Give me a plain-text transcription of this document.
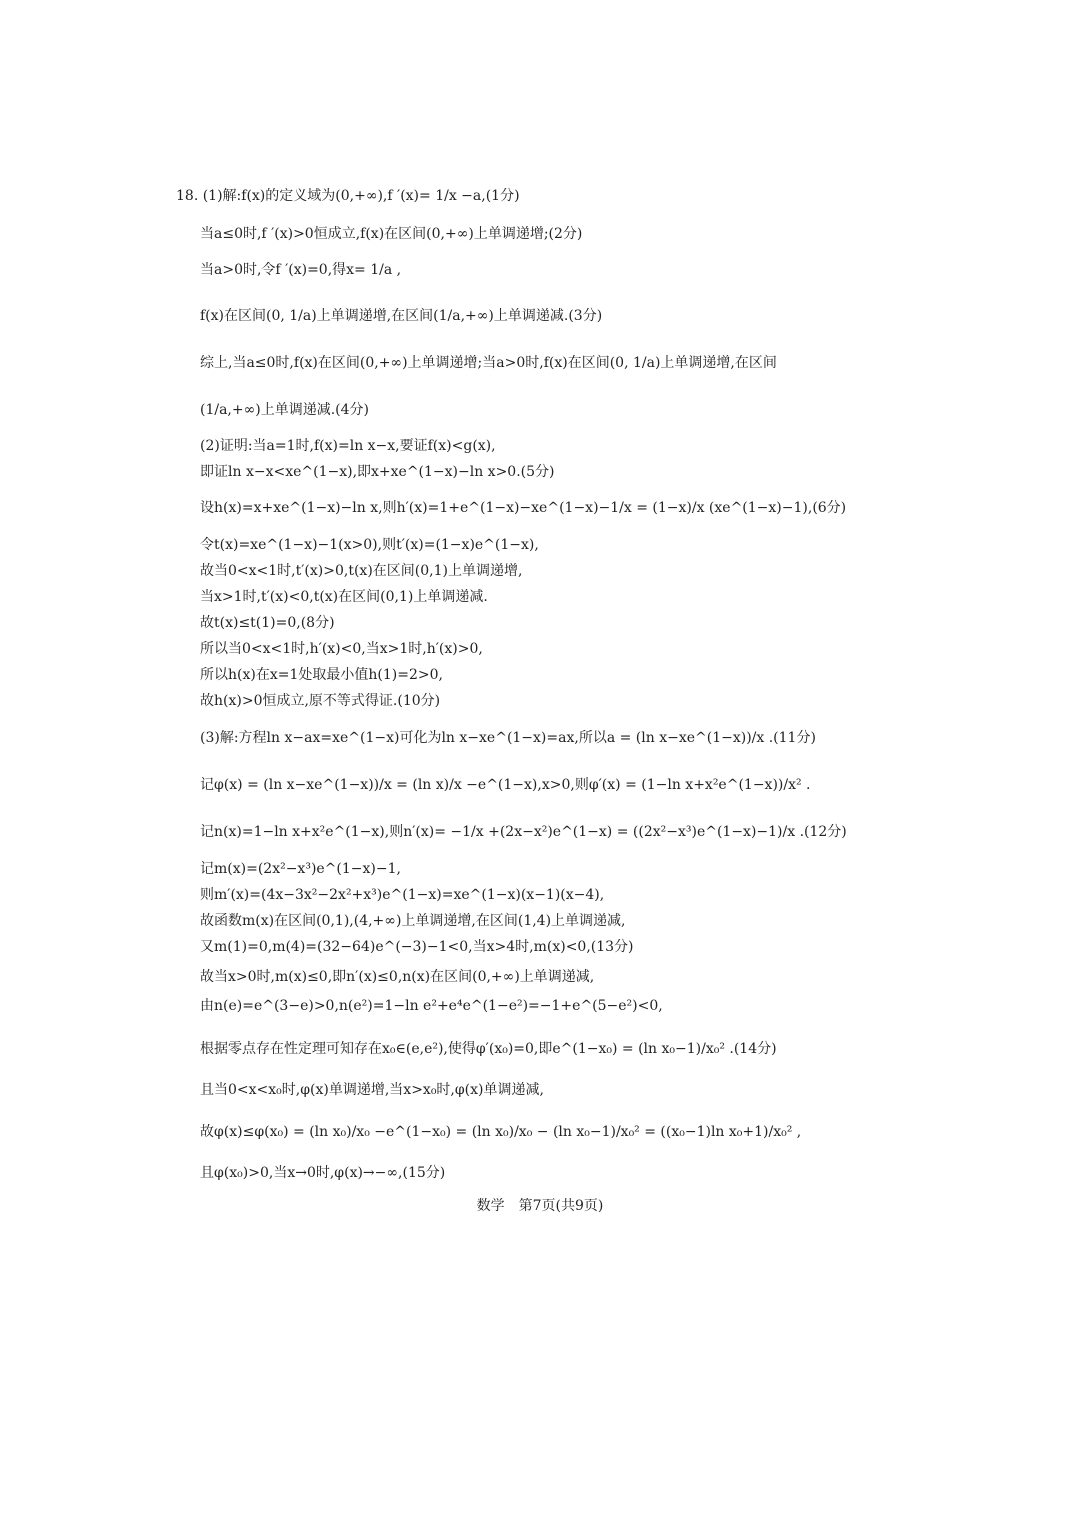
18. (1)解:f(x)的定义域为(0,+∞),f ′(x)= 1/x −a,(1分)
当a≤0时,f ′(x)>0恒成立,f(x)在区间(0,+∞)上单调递增;(2分)
当a>0时,令f ′(x)=0,得x= 1/a ,
f(x)在区间(0, 1/a)上单调递增,在区间(1/a,+∞)上单调递减.(3分)
综上,当a≤0时,f(x)在区间(0,+∞)上单调递增;当a>0时,f(x)在区间(0, 1/a)上单调递增,在区间
(1/a,+∞)上单调递减.(4分)
(2)证明:当a=1时,f(x)=ln x−x,要证f(x)<g(x),
即证ln x−x<xe^(1−x),即x+xe^(1−x)−ln x>0.(5分)
设h(x)=x+xe^(1−x)−ln x,则h′(x)=1+e^(1−x)−xe^(1−x)−1/x = (1−x)/x (xe^(1−x)−1),(6分)
令t(x)=xe^(1−x)−1(x>0),则t′(x)=(1−x)e^(1−x),
故当0<x<1时,t′(x)>0,t(x)在区间(0,1)上单调递增,
当x>1时,t′(x)<0,t(x)在区间(0,1)上单调递减.
故t(x)≤t(1)=0,(8分)
所以当0<x<1时,h′(x)<0,当x>1时,h′(x)>0,
所以h(x)在x=1处取最小值h(1)=2>0,
故h(x)>0恒成立,原不等式得证.(10分)
(3)解:方程ln x−ax=xe^(1−x)可化为ln x−xe^(1−x)=ax,所以a = (ln x−xe^(1−x))/x .(11分)
记φ(x) = (ln x−xe^(1−x))/x = (ln x)/x −e^(1−x),x>0,则φ′(x) = (1−ln x+x²e^(1−x))/x² .
记n(x)=1−ln x+x²e^(1−x),则n′(x)= −1/x +(2x−x²)e^(1−x) = ((2x²−x³)e^(1−x)−1)/x .(12分)
记m(x)=(2x²−x³)e^(1−x)−1,
则m′(x)=(4x−3x²−2x²+x³)e^(1−x)=xe^(1−x)(x−1)(x−4),
故函数m(x)在区间(0,1),(4,+∞)上单调递增,在区间(1,4)上单调递减,
又m(1)=0,m(4)=(32−64)e^(−3)−1<0,当x>4时,m(x)<0,(13分)
故当x>0时,m(x)≤0,即n′(x)≤0,n(x)在区间(0,+∞)上单调递减,
由n(e)=e^(3−e)>0,n(e²)=1−ln e²+e⁴e^(1−e²)=−1+e^(5−e²)<0,
根据零点存在性定理可知存在x₀∈(e,e²),使得φ′(x₀)=0,即e^(1−x₀) = (ln x₀−1)/x₀² .(14分)
且当0<x<x₀时,φ(x)单调递增,当x>x₀时,φ(x)单调递减,
故φ(x)≤φ(x₀) = (ln x₀)/x₀ −e^(1−x₀) = (ln x₀)/x₀ − (ln x₀−1)/x₀² = ((x₀−1)ln x₀+1)/x₀² ,
且φ(x₀)>0,当x→0时,φ(x)→−∞,(15分)
数学　第7页(共9页)
